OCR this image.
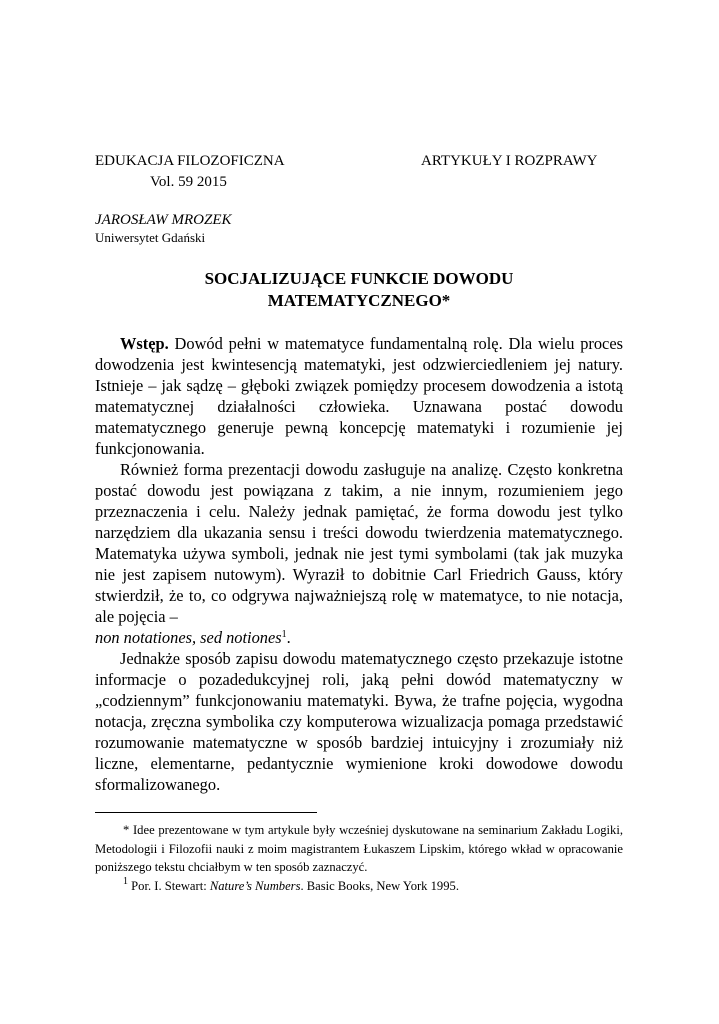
EDUKACJA FILOZOFICZNA
Vol. 59 2015
ARTYKUŁY I ROZPRAWY
JAROSŁAW MROZEK
Uniwersytet Gdański
SOCJALIZUJĄCE FUNKCIE DOWODU
MATEMATYCZNEGO*

Wstęp. Dowód pełni w matematyce fundamentalną rolę. Dla wielu proces dowodzenia jest kwintesencją matematyki, jest odzwierciedleniem jej natury. Istnieje – jak sądzę – głęboki związek pomiędzy procesem dowodzenia a istotą matematycznej działalności człowieka. Uznawana postać dowodu matematycznego generuje pewną koncepcję matematyki i rozumienie jej funkcjonowania.

Również forma prezentacji dowodu zasługuje na analizę. Często konkretna postać dowodu jest powiązana z takim, a nie innym, rozumieniem jego przeznaczenia i celu. Należy jednak pamiętać, że forma dowodu jest tylko narzędziem dla ukazania sensu i treści dowodu twierdzenia matematycznego. Matematyka używa symboli, jednak nie jest tymi symbolami (tak jak muzyka nie jest zapisem nutowym). Wyraził to dobitnie Carl Friedrich Gauss, który stwierdził, że to, co odgrywa najważniejszą rolę w matematyce, to nie notacja, ale pojęcia –
non notationes, sed notiones$^1$.

Jednakże sposób zapisu dowodu matematycznego często przekazuje istotne informacje o pozadedukcyjnej roli, jaką pełni dowód matematyczny w „codziennym” funkcjonowaniu matematyki. Bywa, że trafne pojęcia, wygodna notacja, zręczna symbolika czy komputerowa wizualizacja pomaga przedstawić rozumowanie matematyczne w sposób bardziej intuicyjny i zrozumiały niż liczne, elementarne, pedantycznie wymienione kroki dowodowe dowodu sformalizowanego.

* Idee prezentowane w tym artykule były wcześniej dyskutowane na seminarium Zakładu Logiki, Metodologii i Filozofii nauki z moim magistrantem Łukaszem Lipskim, którego wkład w opracowanie poniższego tekstu chciałbym w ten sposób zaznaczyć.

$^1$ Por. I. Stewart: Nature’s Numbers. Basic Books, New York 1995.
